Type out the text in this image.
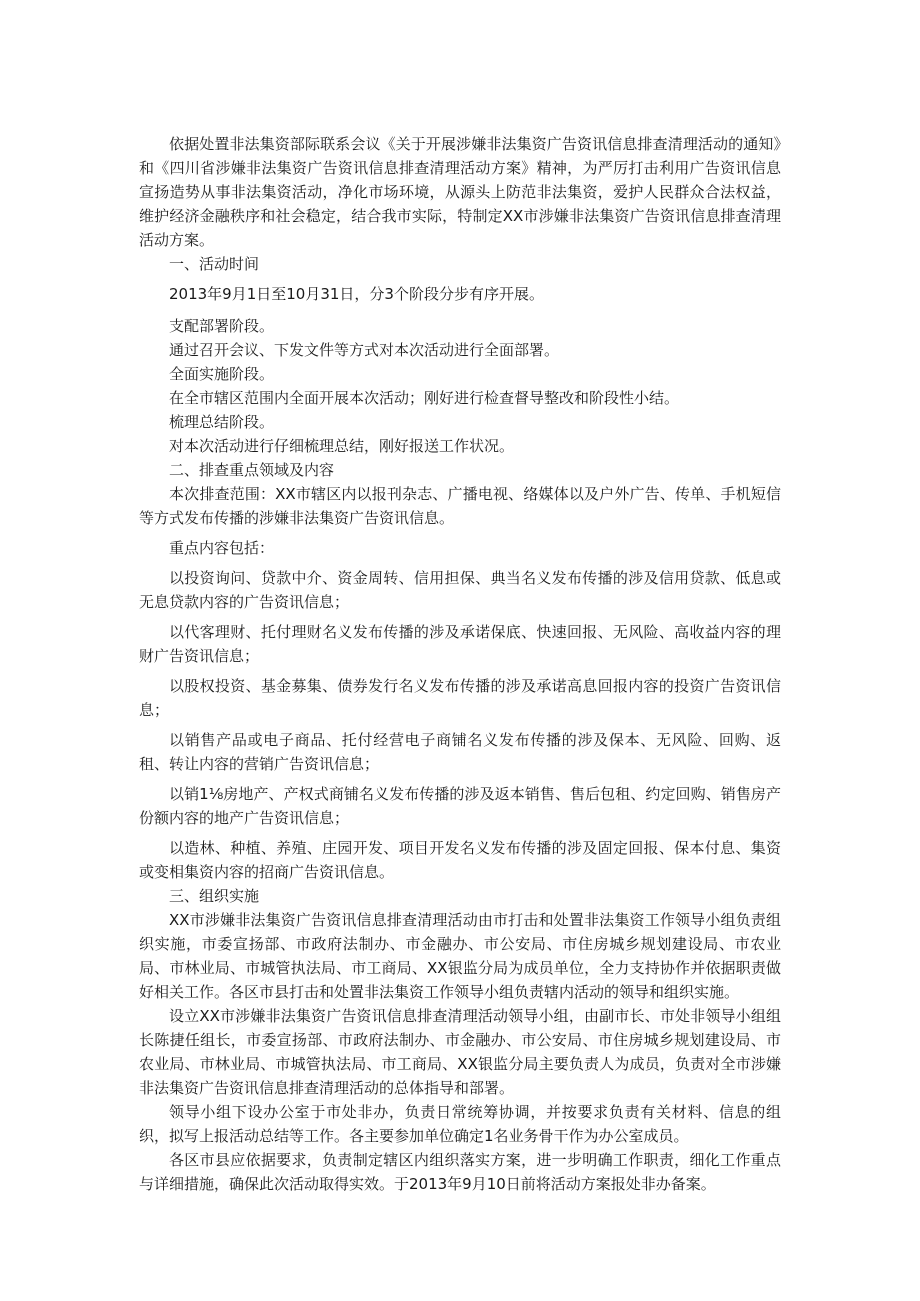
依据处置非法集资部际联系会议《关于开展涉嫌非法集资广告资讯信息排查清理活动的通知》和《四川省涉嫌非法集资广告资讯信息排查清理活动方案》精神，为严厉打击利用广告资讯信息宣扬造势从事非法集资活动，净化市场环境，从源头上防范非法集资，爱护人民群众合法权益，维护经济金融秩序和社会稳定，结合我市实际，特制定XX市涉嫌非法集资广告资讯信息排查清理活动方案。

一、活动时间

2013年9月1日至10月31日，分3个阶段分步有序开展。

支配部署阶段。

通过召开会议、下发文件等方式对本次活动进行全面部署。

全面实施阶段。

在全市辖区范围内全面开展本次活动；刚好进行检查督导整改和阶段性小结。

梳理总结阶段。

对本次活动进行仔细梳理总结，刚好报送工作状况。

二、排查重点领域及内容

本次排查范围：XX市辖区内以报刊杂志、广播电视、络媒体以及户外广告、传单、手机短信等方式发布传播的涉嫌非法集资广告资讯信息。

重点内容包括：

以投资询问、贷款中介、资金周转、信用担保、典当名义发布传播的涉及信用贷款、低息或无息贷款内容的广告资讯信息；

以代客理财、托付理财名义发布传播的涉及承诺保底、快速回报、无风险、高收益内容的理财广告资讯信息；

以股权投资、基金募集、债券发行名义发布传播的涉及承诺高息回报内容的投资广告资讯信息；

以销售产品或电子商品、托付经营电子商铺名义发布传播的涉及保本、无风险、回购、返租、转让内容的营销广告资讯信息；

以销1⅛房地产、产权式商铺名义发布传播的涉及返本销售、售后包租、约定回购、销售房产份额内容的地产广告资讯信息；

以造林、种植、养殖、庄园开发、项目开发名义发布传播的涉及固定回报、保本付息、集资或变相集资内容的招商广告资讯信息。

三、组织实施

XX市涉嫌非法集资广告资讯信息排查清理活动由市打击和处置非法集资工作领导小组负责组织实施，市委宣扬部、市政府法制办、市金融办、市公安局、市住房城乡规划建设局、市农业局、市林业局、市城管执法局、市工商局、XX银监分局为成员单位，全力支持协作并依据职责做好相关工作。各区市县打击和处置非法集资工作领导小组负责辖内活动的领导和组织实施。

设立XX市涉嫌非法集资广告资讯信息排查清理活动领导小组，由副市长、市处非领导小组组长陈捷任组长，市委宣扬部、市政府法制办、市金融办、市公安局、市住房城乡规划建设局、市农业局、市林业局、市城管执法局、市工商局、XX银监分局主要负责人为成员，负责对全市涉嫌非法集资广告资讯信息排查清理活动的总体指导和部署。

领导小组下设办公室于市处非办，负责日常统筹协调，并按要求负责有关材料、信息的组织，拟写上报活动总结等工作。各主要参加单位确定1名业务骨干作为办公室成员。

各区市县应依据要求，负责制定辖区内组织落实方案，进一步明确工作职责，细化工作重点与详细措施，确保此次活动取得实效。于2013年9月10日前将活动方案报处非办备案。
